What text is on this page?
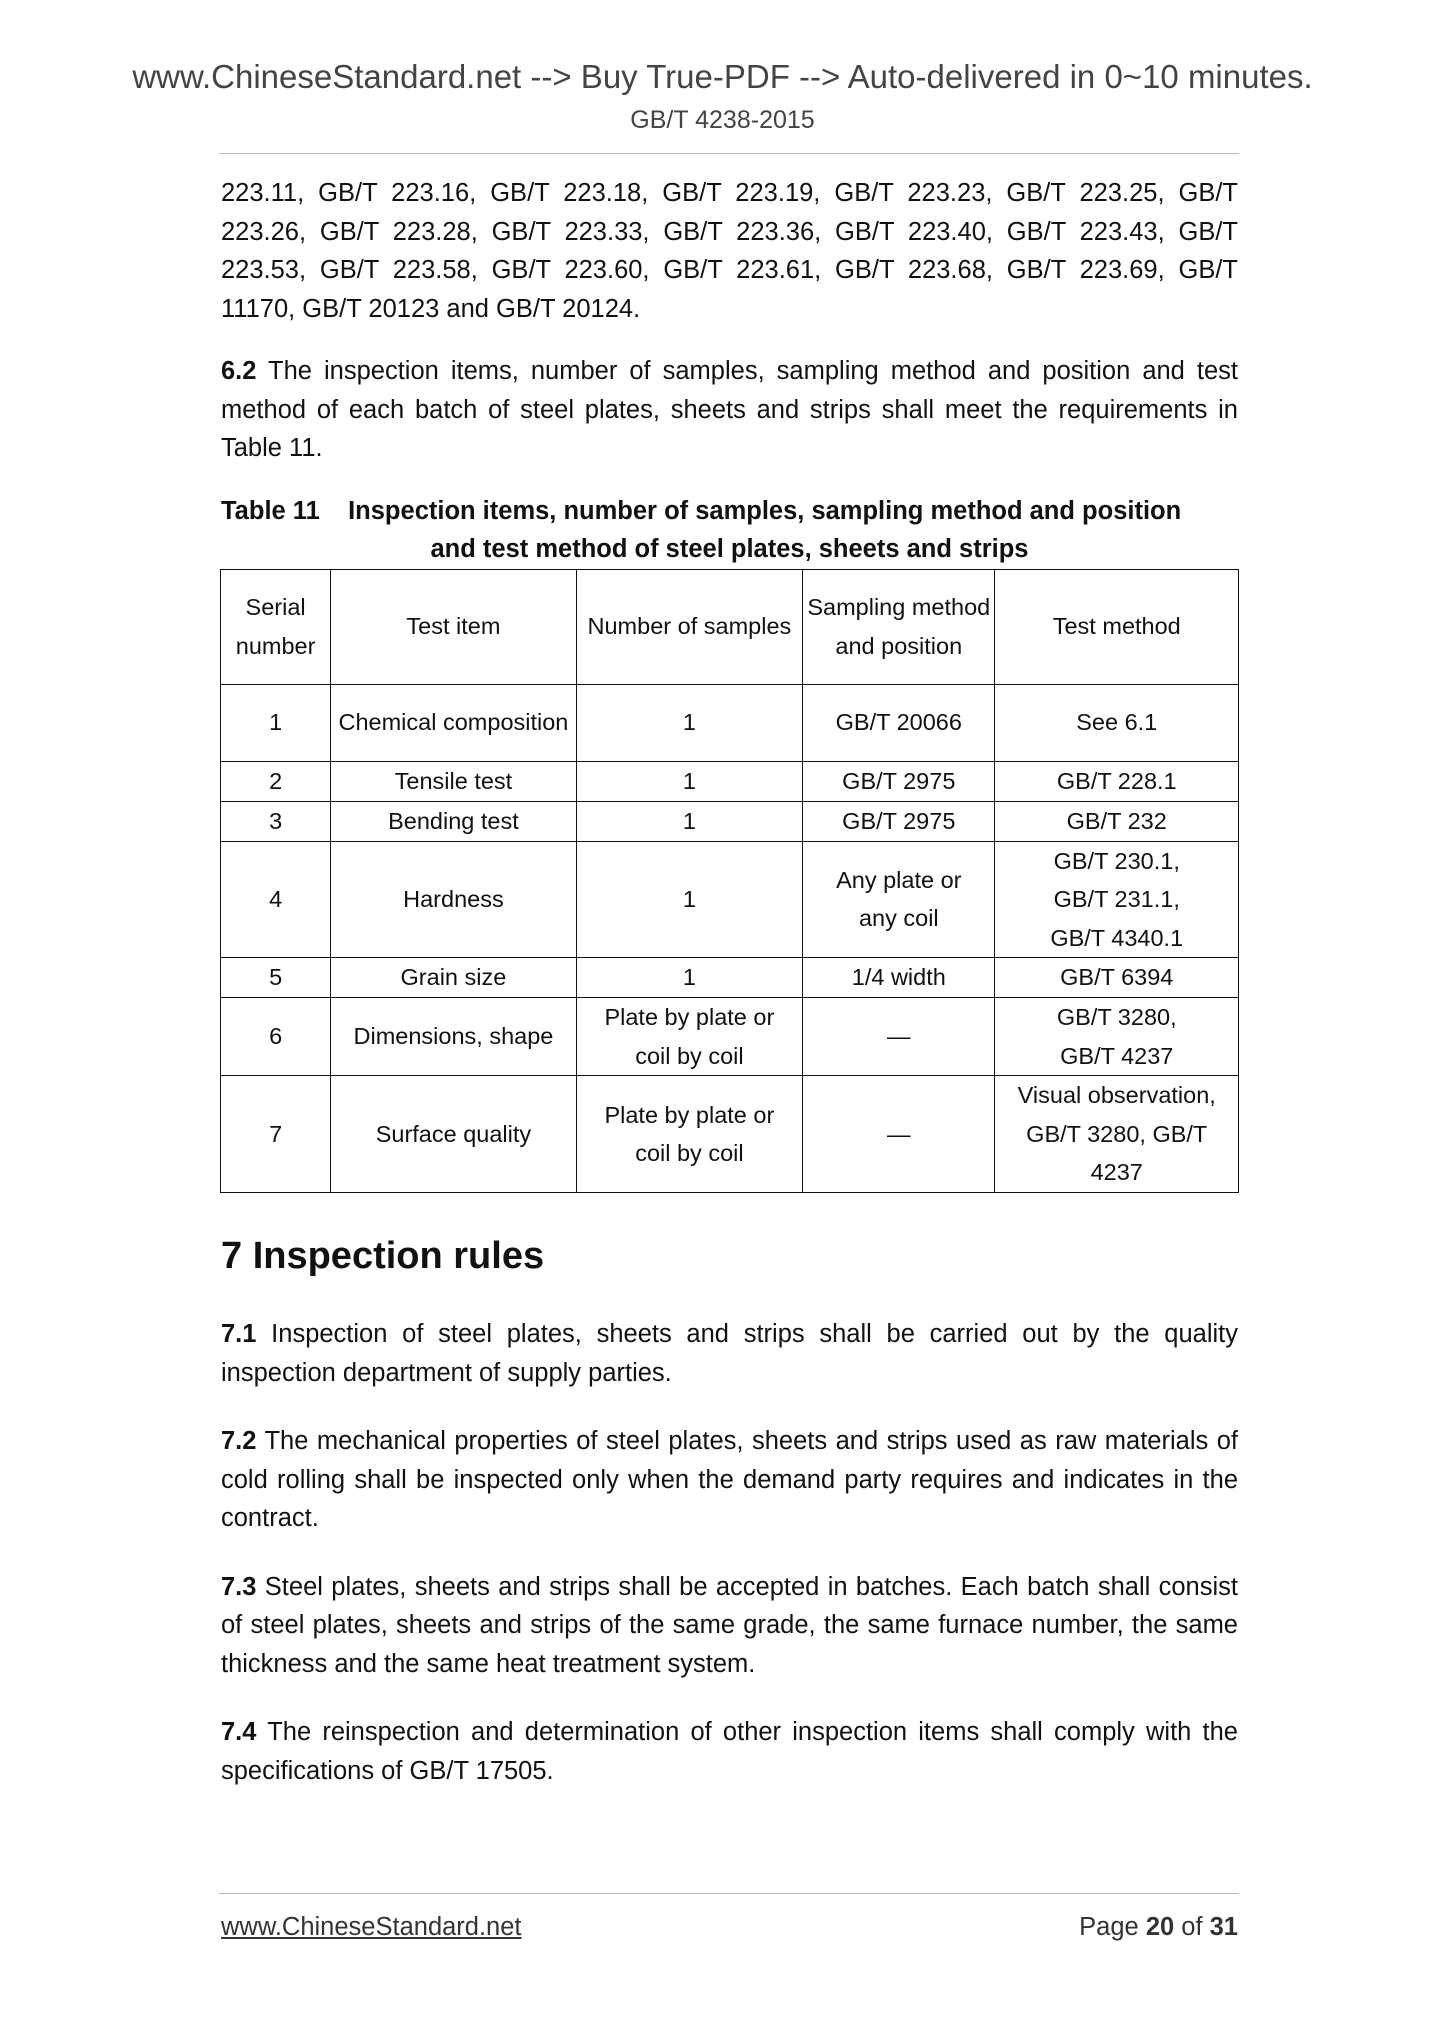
www.ChineseStandard.net --> Buy True-PDF --> Auto-delivered in 0~10 minutes.
GB/T 4238-2015

223.11, GB/T 223.16, GB/T 223.18, GB/T 223.19, GB/T 223.23, GB/T 223.25, GB/T 223.26, GB/T 223.28, GB/T 223.33, GB/T 223.36, GB/T 223.40, GB/T 223.43, GB/T 223.53, GB/T 223.58, GB/T 223.60, GB/T 223.61, GB/T 223.68, GB/T 223.69, GB/T 11170, GB/T 20123 and GB/T 20124.

6.2 The inspection items, number of samples, sampling method and position and test method of each batch of steel plates, sheets and strips shall meet the requirements in Table 11.

Table 11    Inspection items, number of samples, sampling method and position
and test method of steel plates, sheets and strips
Serial number	Test item	Number of samples	Sampling method and position	Test method
1	Chemical composition	1	GB/T 20066	See 6.1
2	Tensile test	1	GB/T 2975	GB/T 228.1
3	Bending test	1	GB/T 2975	GB/T 232
4	Hardness	1	Any plate or any coil	GB/T 230.1, GB/T 231.1, GB/T 4340.1
5	Grain size	1	1/4 width	GB/T 6394
6	Dimensions, shape	Plate by plate or coil by coil	—	GB/T 3280, GB/T 4237
7	Surface quality	Plate by plate or coil by coil	—	Visual observation, GB/T 3280, GB/T 4237
7 Inspection rules

7.1 Inspection of steel plates, sheets and strips shall be carried out by the quality inspection department of supply parties.

7.2 The mechanical properties of steel plates, sheets and strips used as raw materials of cold rolling shall be inspected only when the demand party requires and indicates in the contract.

7.3 Steel plates, sheets and strips shall be accepted in batches. Each batch shall consist of steel plates, sheets and strips of the same grade, the same furnace number, the same thickness and the same heat treatment system.

7.4 The reinspection and determination of other inspection items shall comply with the specifications of GB/T 17505.

www.ChineseStandard.net	Page 20 of 31
